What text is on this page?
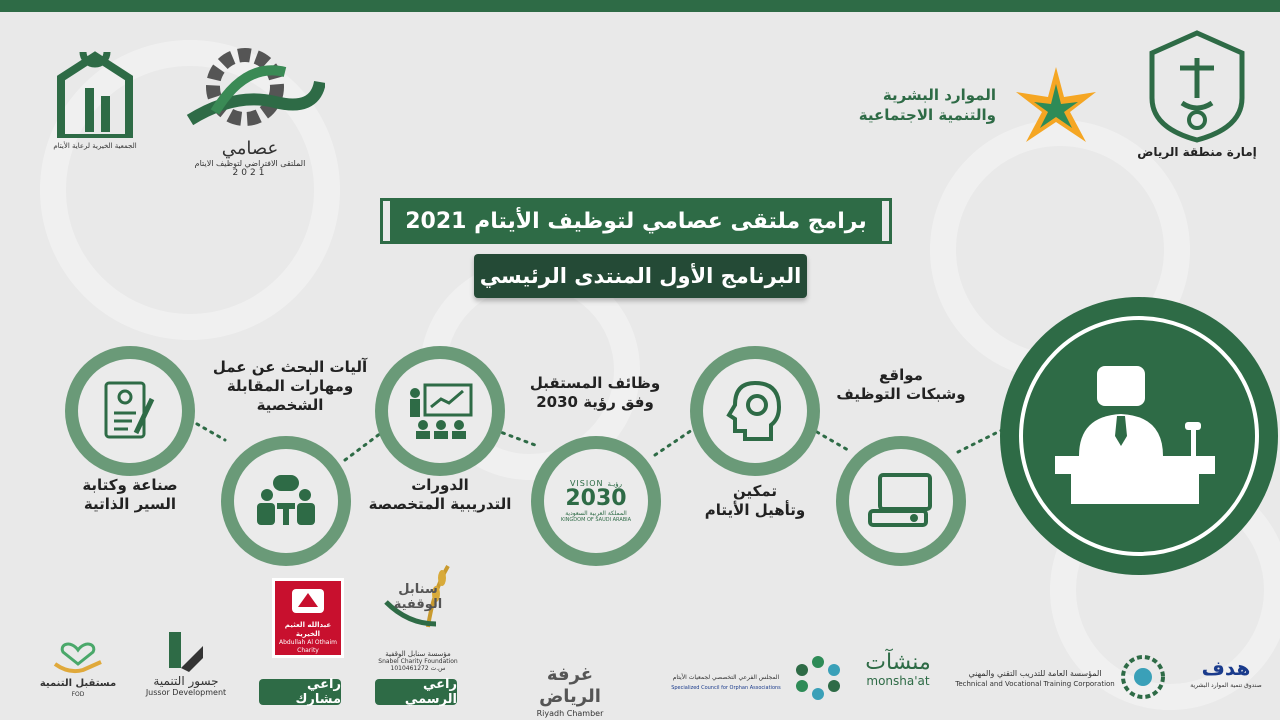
الجمعية الخيرية لرعاية الأيتام	عصامي
الملتقى الافتراضي لتوظيف الايتام
2021
الموارد البشرية
والتنمية الاجتماعية
إمارة منطقة الرياض
برامج ملتقى عصامي لتوظيف الأيتام 2021
البرنامج الأول المنتدى الرئيسي
VISION رؤيـة
2030
المملكة العربية السعودية
KINGDOM OF SAUDI ARABIA
مواقع
وشبكات التوظيف
تمكين
وتأهيل الأيتام
وظائف المستقبل
وفق رؤية 2030
الدورات
التدريبية المتخصصة
آليات البحث عن عمل
ومهارات المقابلة
الشخصية
صناعة وكتابة
السير الذاتية
سنابل الوقفية
مؤسسة سنابل الوقفية
Snabel Charity Foundation
1010461272 س.ت
عبدالله العثيم الخيرية
Abdullah Al Othaim Charity
راعي الرسمي
راعي مشارك
مستقبل التنمية
FOD
جسور التنمية
Jussor Development
غرفة الرياض
Riyadh Chamber
المجلس الفرعي التخصصي لجمعيات الأيتام
Specialized Council for Orphan Associations
منشآت
monsha'at
المؤسسة العامة للتدريب التقني والمهني
Technical and Vocational Training Corporation
هدف
صندوق تنمية الموارد البشرية
